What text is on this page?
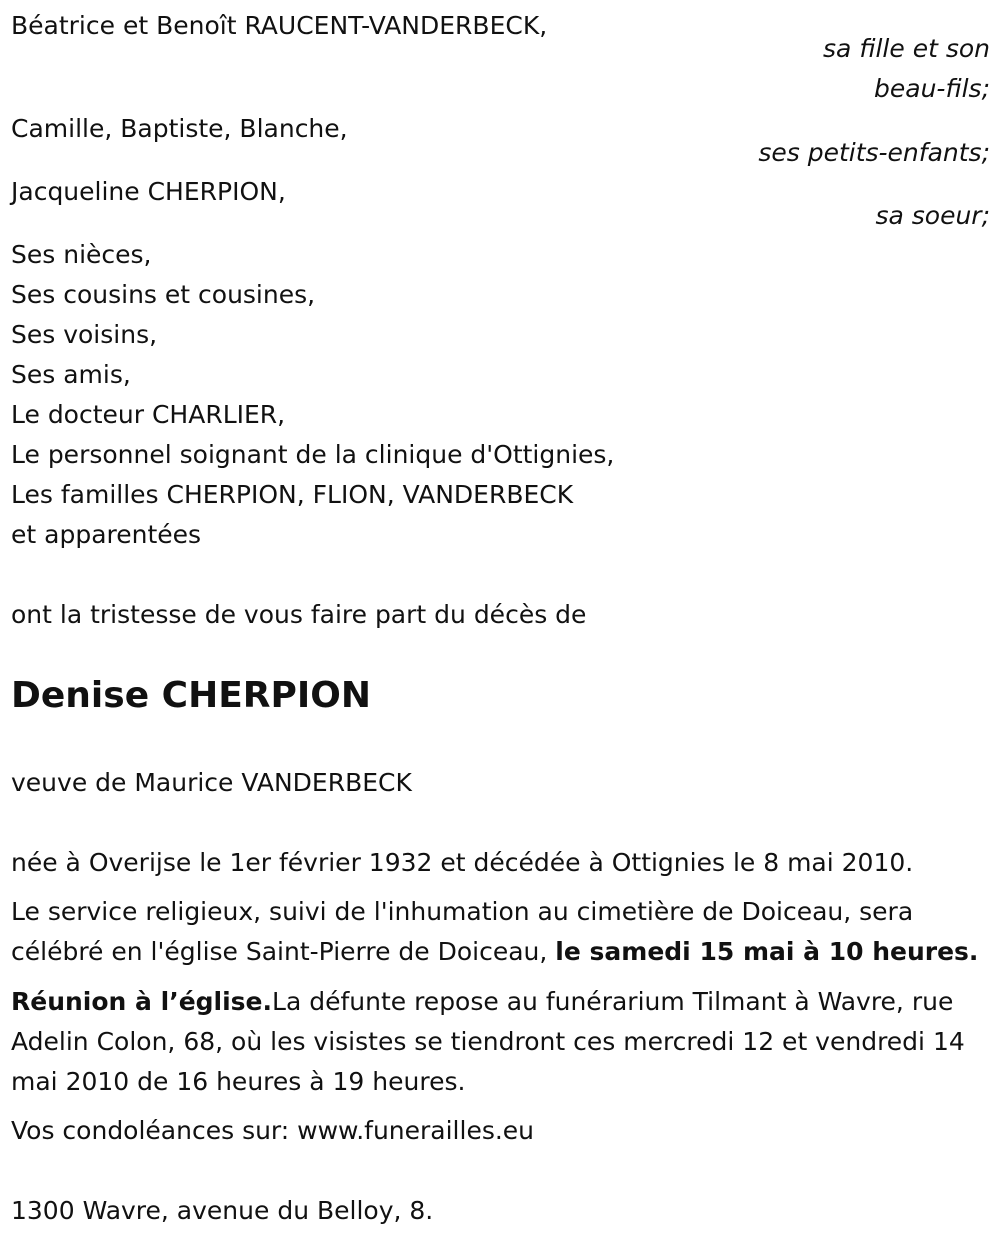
Béatrice et Benoît RAUCENT-VANDERBECK,
sa fille et son
beau-fils;
Camille, Baptiste, Blanche,
ses petits-enfants;
Jacqueline CHERPION,
sa soeur;
Ses nièces,
Ses cousins et cousines,
Ses voisins,
Ses amis,
Le docteur CHARLIER,
Le personnel soignant de la clinique d'Ottignies,
Les familles CHERPION, FLION, VANDERBECK
et apparentées
ont la tristesse de vous faire part du décès de
Denise CHERPION
veuve de Maurice VANDERBECK
née à Overijse le 1er février 1932 et décédée à Ottignies le 8 mai 2010.
Le service religieux, suivi de l'inhumation au cimetière de Doiceau, sera célébré en l'église Saint-Pierre de Doiceau, le samedi 15 mai à 10 heures.
Réunion à l’église.La défunte repose au funérarium Tilmant à Wavre, rue Adelin Colon, 68, où les visistes se tiendront ces mercredi 12 et vendredi 14 mai 2010 de 16 heures à 19 heures.
Vos condoléances sur: www.funerailles.eu
1300 Wavre, avenue du Belloy, 8.
